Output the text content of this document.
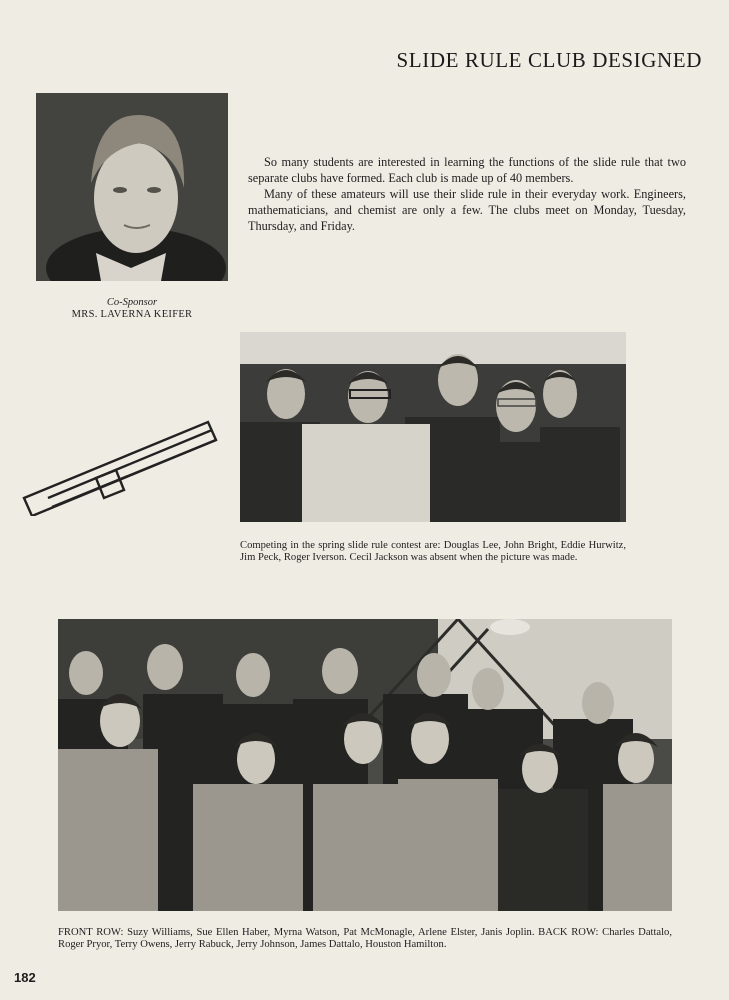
SLIDE RULE CLUB DESIGNED

So many students are interested in learning the functions of the slide rule that two separate clubs have formed. Each club is made up of 40 members.

Many of these amateurs will use their slide rule in their everyday work. Engineers, mathematicians, and chemist are only a few. The clubs meet on Monday, Tuesday, Thursday, and Friday.

Co-Sponsor
MRS. LAVERNA KEIFER
Competing in the spring slide rule contest are: Douglas Lee, John Bright, Eddie Hurwitz, Jim Peck, Roger Iverson. Cecil Jackson was absent when the picture was made.
FRONT ROW: Suzy Williams, Sue Ellen Haber, Myrna Watson, Pat McMonagle, Arlene Elster, Janis Joplin. BACK ROW: Charles Dattalo, Roger Pryor, Terry Owens, Jerry Rabuck, Jerry Johnson, James Dattalo, Houston Hamilton.
182
